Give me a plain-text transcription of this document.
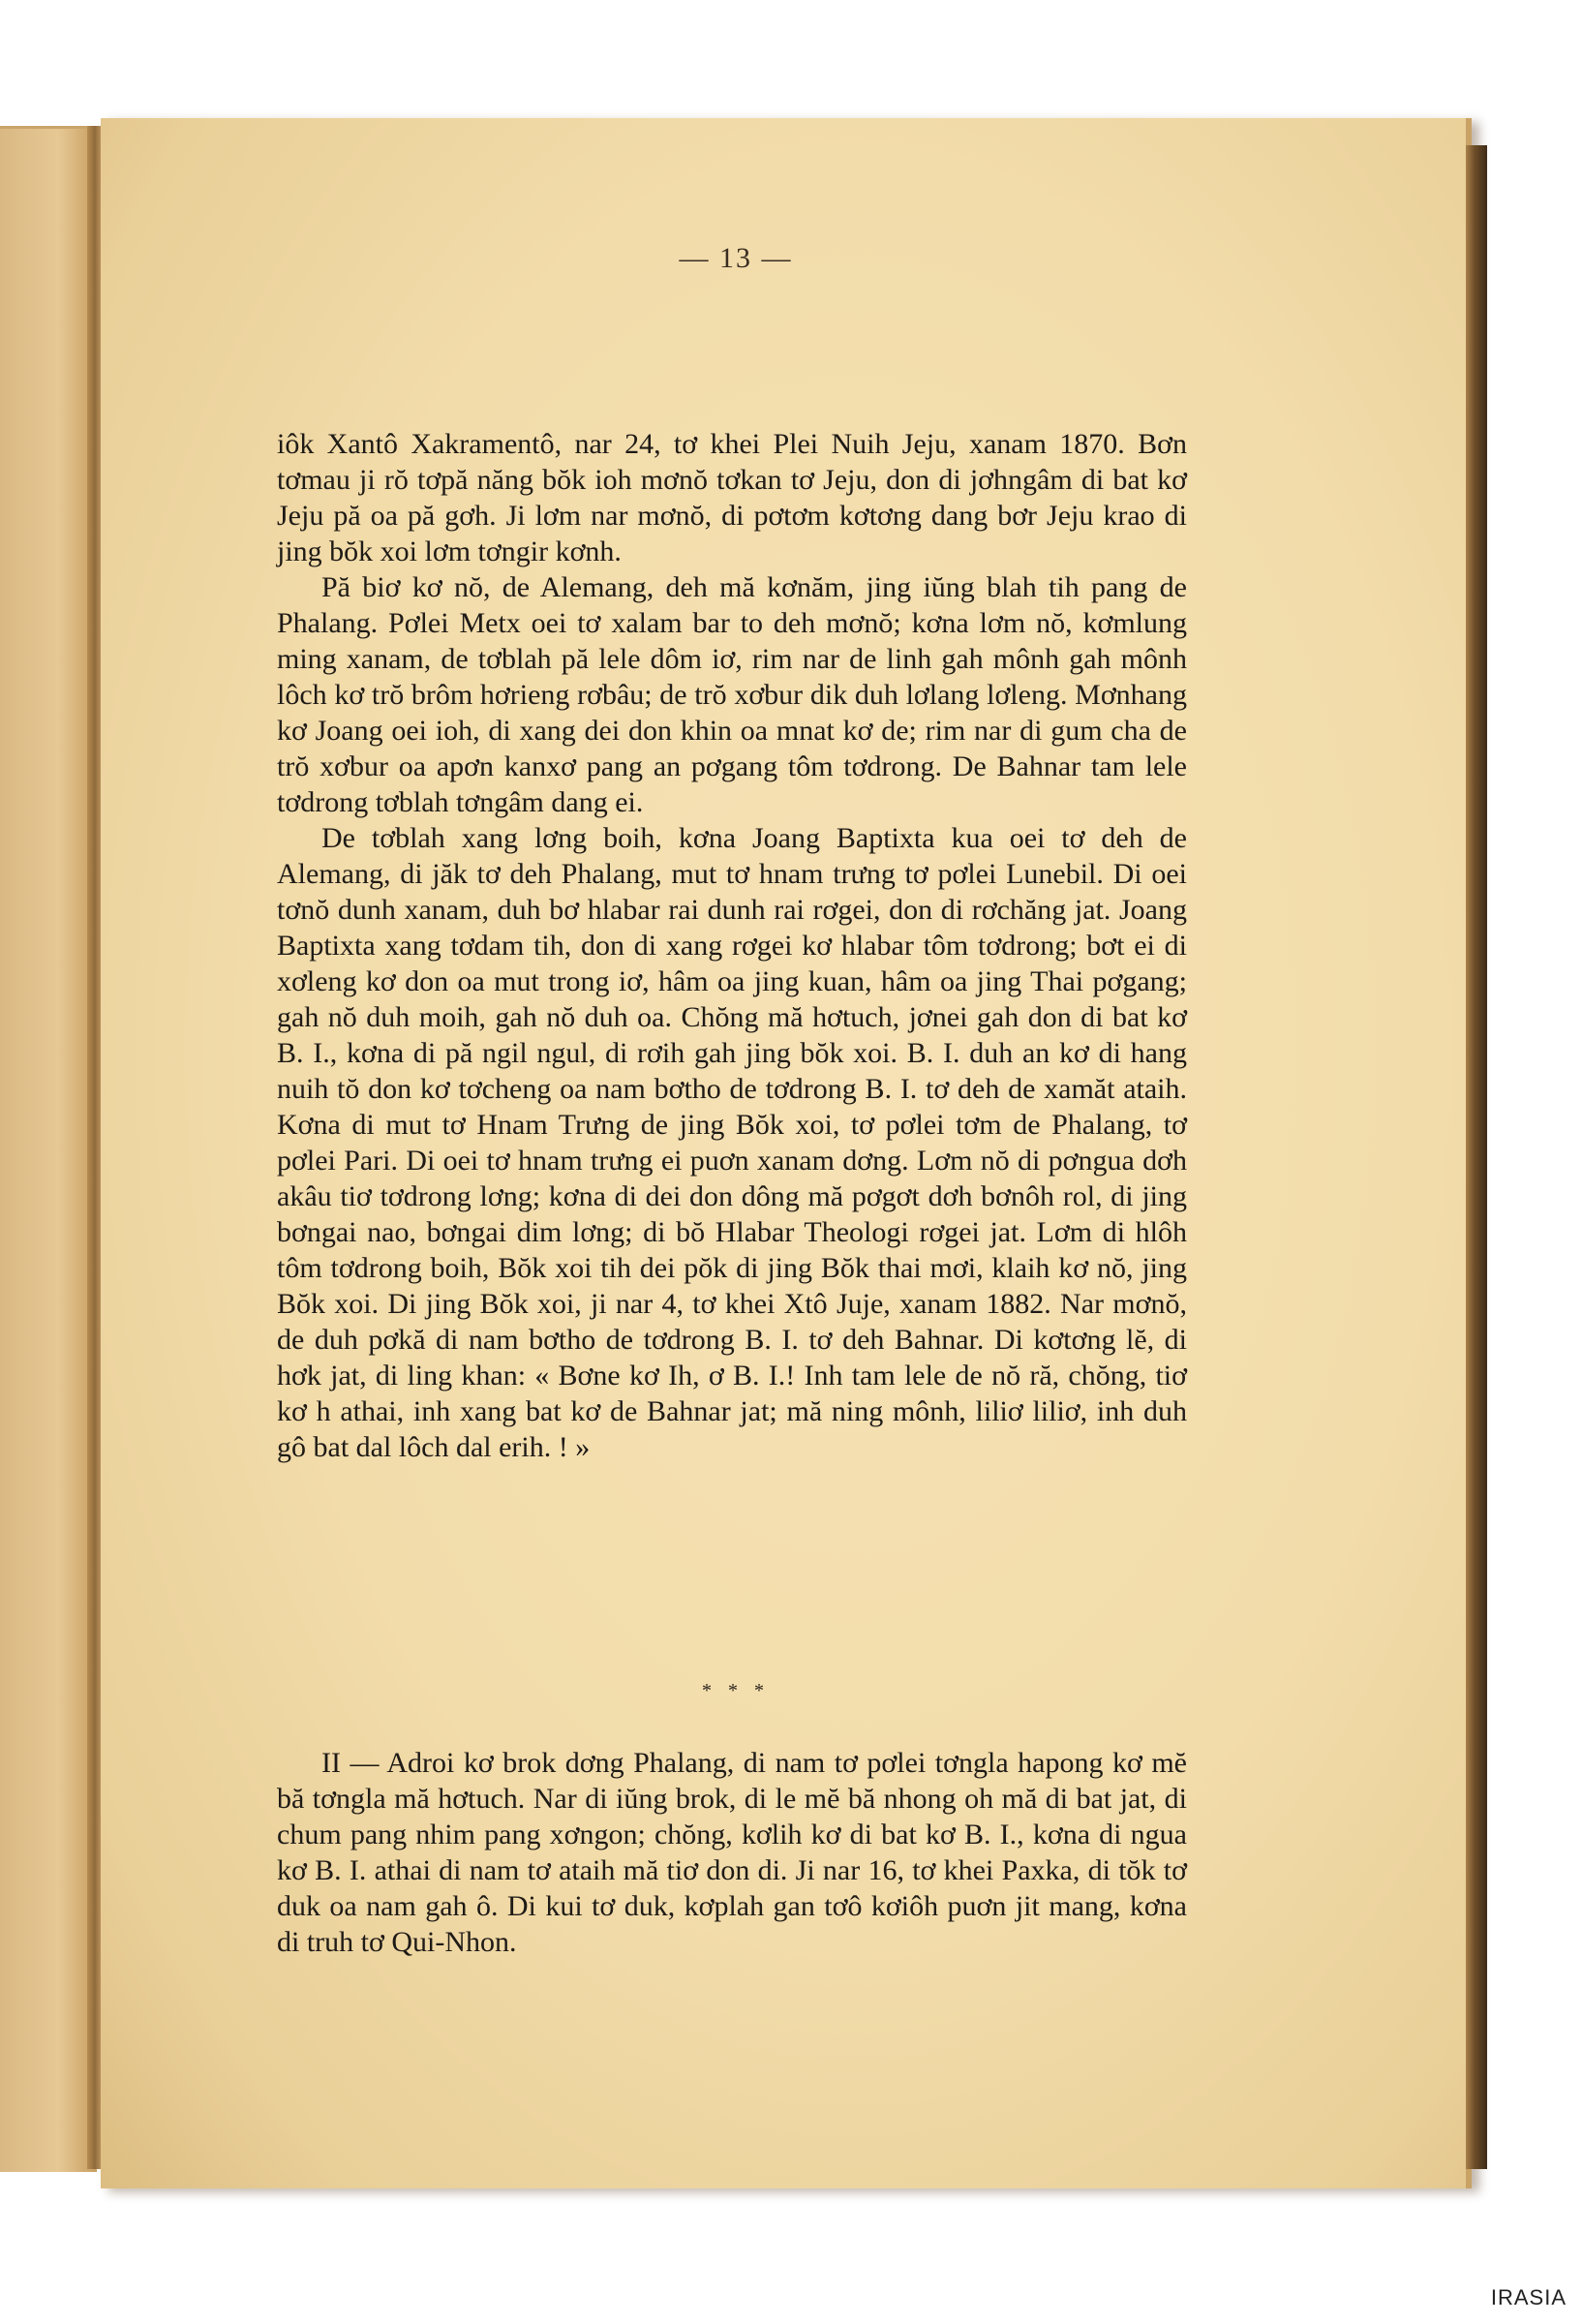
— 13 —

iôk Xantô Xakramentô, nar 24, tơ khei Plei Nuih Jeju, xanam 1870. Bơn tơmau ji rŏ tơpă năng bŏk ioh mơnŏ tơkan tơ Jeju, don di jơhngâm di bat kơ Jeju pă oa pă gơh. Ji lơm nar mơnŏ, di pơtơm kơtơng dang bơr Jeju krao di jing bŏk xoi lơm tơngir kơnh.

Pă biơ kơ nŏ, de Alemang, deh mă kơnăm, jing iŭng blah tih pang de Phalang. Pơlei Metx oei tơ xalam bar to deh mơnŏ; kơna lơm nŏ, kơmlung ming xanam, de tơblah pă lele dôm iơ, rim nar de linh gah mônh gah mônh lôch kơ trŏ brôm hơrieng rơbâu; de trŏ xơbur dik duh lơlang lơleng. Mơnhang kơ Joang oei ioh, di xang dei don khin oa mnat kơ de; rim nar di gum cha de trŏ xơbur oa apơn kanxơ pang an pơgang tôm tơdrong. De Bahnar tam lele tơdrong tơblah tơngâm dang ei.

De tơblah xang lơng boih, kơna Joang Baptixta kua oei tơ deh de Alemang, di jăk tơ deh Phalang, mut tơ hnam trưng tơ pơlei Lunebil. Di oei tơnŏ dunh xanam, duh bơ hlabar rai dunh rai rơgei, don di rơchăng jat. Joang Baptixta xang tơdam tih, don di xang rơgei kơ hlabar tôm tơdrong; bơt ei di xơleng kơ don oa mut trong iơ, hâm oa jing kuan, hâm oa jing Thai pơgang; gah nŏ duh moih, gah nŏ duh oa. Chŏng mă hơtuch, jơnei gah don di bat kơ B. I., kơna di pă ngil ngul, di rơih gah jing bŏk xoi. B. I. duh an kơ di hang nuih tŏ don kơ tơcheng oa nam bơtho de tơdrong B. I. tơ deh de xamăt ataih. Kơna di mut tơ Hnam Trưng de jing Bŏk xoi, tơ pơlei tơm de Phalang, tơ pơlei Pari. Di oei tơ hnam trưng ei puơn xanam dơng. Lơm nŏ di pơngua dơh akâu tiơ tơdrong lơng; kơna di dei don dông mă pơgơt dơh bơnôh rol, di jing bơngai nao, bơngai dim lơng; di bŏ Hlabar Theologi rơgei jat. Lơm di hlôh tôm tơdrong boih, Bŏk xoi tih dei pŏk di jing Bŏk thai mơi, klaih kơ nŏ, jing Bŏk xoi. Di jing Bŏk xoi, ji nar 4, tơ khei Xtô Juje, xanam 1882. Nar mơnŏ, de duh pơkă di nam bơtho de tơdrong B. I. tơ deh Bahnar. Di kơtơng lĕ, di hơk jat, di ling khan: « Bơne kơ Ih, ơ B. I.! Inh tam lele de nŏ ră, chŏng, tiơ kơ h athai, inh xang bat kơ de Bahnar jat; mă ning mônh, liliơ liliơ, inh duh gô bat dal lôch dal erih. ! »

* * *

II — Adroi kơ brok dơng Phalang, di nam tơ pơlei tơngla hapong kơ mĕ bă tơngla mă hơtuch. Nar di iŭng brok, di le mĕ bă nhong oh mă di bat jat, di chum pang nhim pang xơngon; chŏng, kơlih kơ di bat kơ B. I., kơna di ngua kơ B. I. athai di nam tơ ataih mă tiơ don di. Ji nar 16, tơ khei Paxka, di tŏk tơ duk oa nam gah ô. Di kui tơ duk, kơplah gan tơô kơiôh puơn jit mang, kơna di truh tơ Qui-Nhon.

IRASIA
